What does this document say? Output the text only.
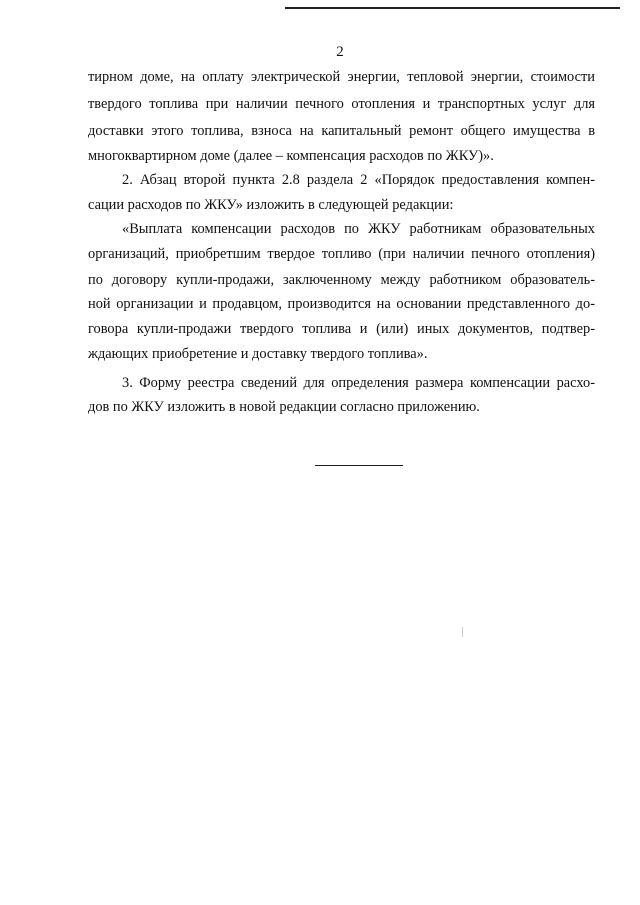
2
тирном доме, на оплату электрической энергии, тепловой энергии, стоимости
твердого топлива при наличии печного отопления и транспортных услуг для
доставки этого топлива, взноса на капитальный ремонт общего имущества в
многоквартирном доме (далее – компенсация расходов по ЖКУ)».
2. Абзац второй пункта 2.8 раздела 2 «Порядок предоставления компен-
сации расходов по ЖКУ» изложить в следующей редакции:
«Выплата компенсации расходов по ЖКУ работникам образовательных
организаций, приобретшим твердое топливо (при наличии печного отопления)
по договору купли-продажи, заключенному между работником образователь-
ной организации и продавцом, производится на основании представленного до-
говора купли-продажи твердого топлива и (или) иных документов, подтвер-
ждающих приобретение и доставку твердого топлива».
3. Форму реестра сведений для определения размера компенсации расхо-
дов по ЖКУ изложить в новой редакции согласно приложению.
